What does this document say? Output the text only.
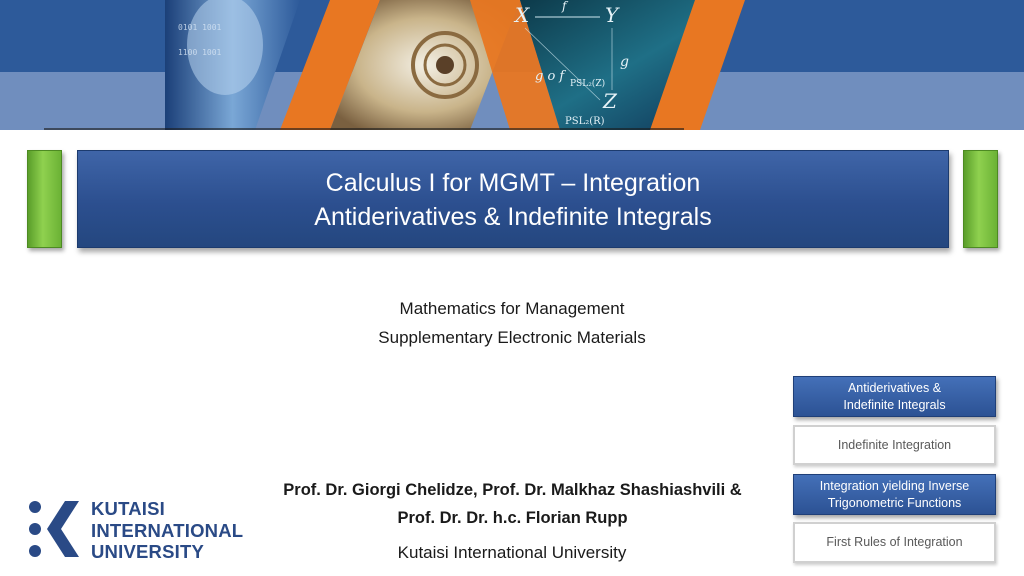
0101 1001
1100 1001
X	Y
f
g
Z
g o f
PSL₂(R)
PSL₂(Z)
Calculus I for MGMT – Integration
Antiderivatives & Indefinite Integrals
Mathematics for Management
Supplementary Electronic Materials
Prof. Dr. Giorgi Chelidze, Prof. Dr. Malkhaz Shashiashvili &
Prof. Dr. Dr. h.c. Florian Rupp
Kutaisi International University
KUTAISI
INTERNATIONAL
UNIVERSITY
Antiderivatives & Indefinite Integrals
Indefinite Integration
Integration yielding Inverse Trigonometric Functions
First Rules of Integration
